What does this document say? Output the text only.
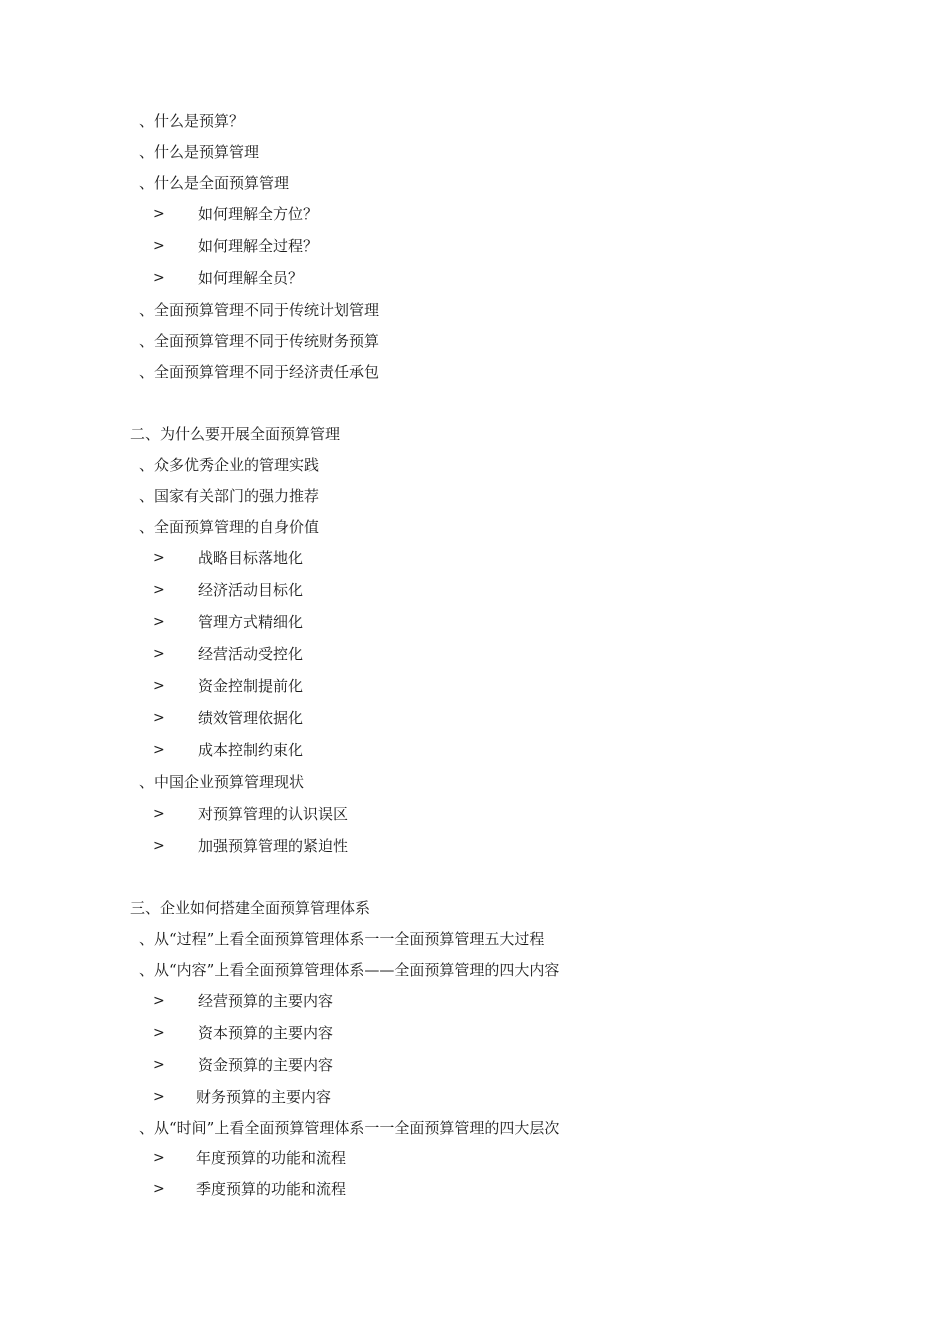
、什么是预算？
、什么是预算管理
、什么是全面预算管理
> 如何理解全方位？
> 如何理解全过程？
> 如何理解全员？
、全面预算管理不同于传统计划管理
、全面预算管理不同于传统财务预算
、全面预算管理不同于经济责任承包
二、为什么要开展全面预算管理
、众多优秀企业的管理实践
、国家有关部门的强力推荐
、全面预算管理的自身价值
> 战略目标落地化
> 经济活动目标化
> 管理方式精细化
> 经营活动受控化
> 资金控制提前化
> 绩效管理依据化
> 成本控制约束化
、中国企业预算管理现状
> 对预算管理的认识误区
> 加强预算管理的紧迫性
三、企业如何搭建全面预算管理体系
、从“过程”上看全面预算管理体系一一全面预算管理五大过程
、从“内容”上看全面预算管理体系——全面预算管理的四大内容
> 经营预算的主要内容
> 资本预算的主要内容
> 资金预算的主要内容
> 财务预算的主要内容
、从“时间”上看全面预算管理体系一一全面预算管理的四大层次
> 年度预算的功能和流程
> 季度预算的功能和流程
